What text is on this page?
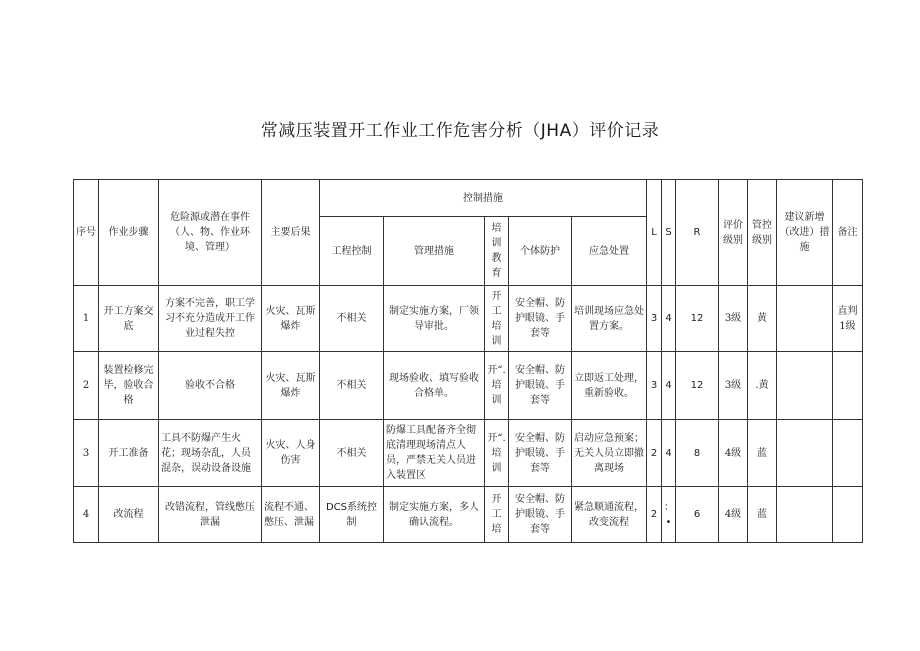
常减压装置开工作业工作危害分析（JHA）评价记录
序号	作业步骤	危险源或潜在事件（人、物、作业环境、管理）	主要后果	控制措施					L	S	R	评价级别	管控级别	建议新增（改进）措施	备注
				工程控制	管理措施	培训教育	个体防护	应急处置							
1	开工方案交底	方案不完善，职工学习不充分造成开工作业过程失控	火灾、瓦斯爆炸	不相关	制定实施方案，厂领导审批。	开工培训	安全帽、防护眼镜、手套等	培训现场应急处置方案。	3	4	12	3级	黄		直判1级
2	装置检修完毕，验收合格	验收不合格	火灾、瓦斯爆炸	不相关	现场验收、填写验收合格单。	开“.培训	安全帽、防护眼镜、手套等	立即返工处理，重新验收。	3	4	12	3级	.黄		
3	开工准备	工具不防爆产生火花；现场杂乱，人员混杂，误动设备设施	火灾、人身伤害	不相关	防爆工具配备齐全彻底清理现场清点人员，严禁无关人员进入装置区	开“.培训	安全帽、防护眼镜、手套等	启动应急预案；无关人员立即撤离现场	2	4	8	4级	蓝		
4	改流程	改错流程，管线憋压泄漏	流程不通、憋压、泄漏	DCS系统控制	制定实施方案，多人确认流程。	开工培	安全帽、防护眼镜、手套等	紧急顺通流程，改变流程	2	：•	6	4级	蓝		
